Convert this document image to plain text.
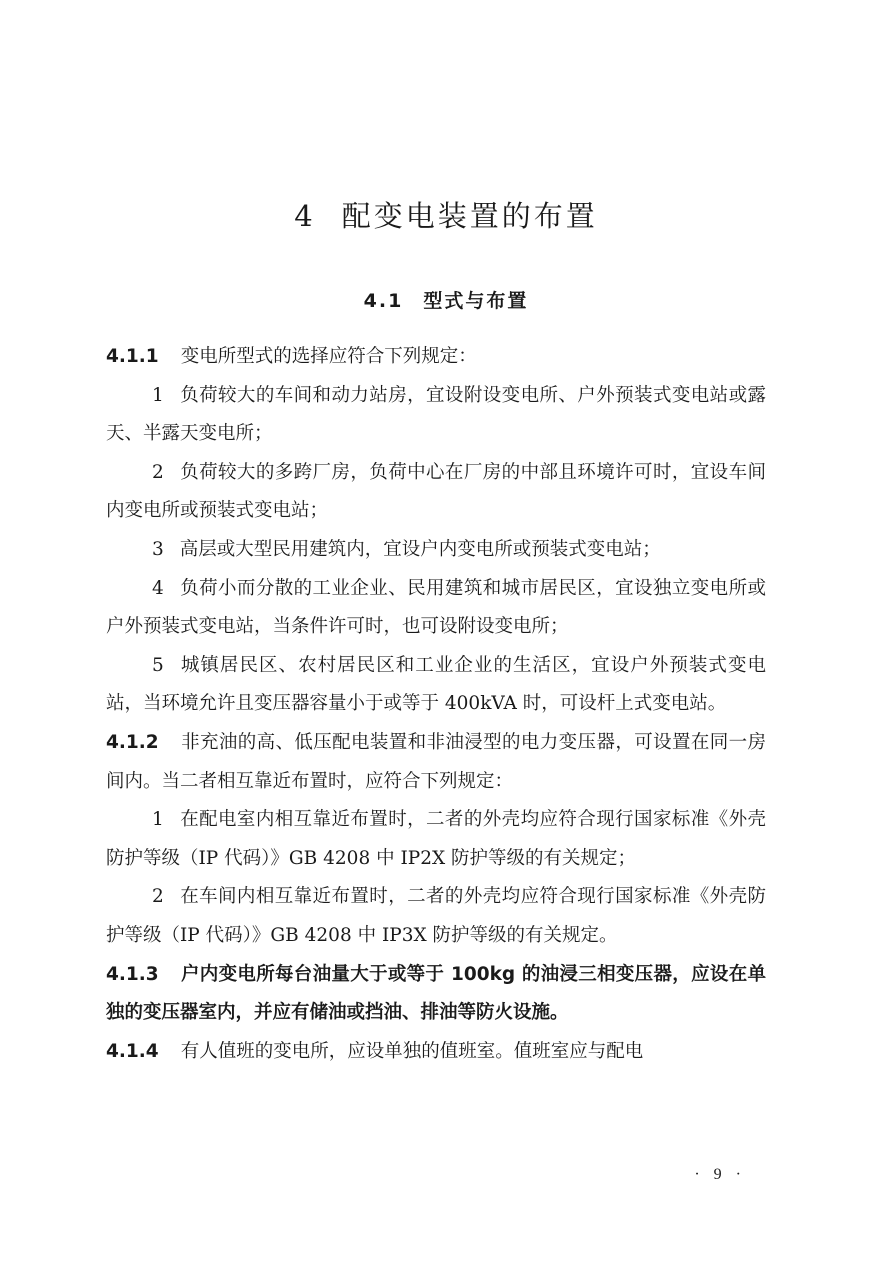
4 配变电装置的布置
4.1 型式与布置

4.1.1 变电所型式的选择应符合下列规定：

1 负荷较大的车间和动力站房，宜设附设变电所、户外预装式变电站或露天、半露天变电所；

2 负荷较大的多跨厂房，负荷中心在厂房的中部且环境许可时，宜设车间内变电所或预装式变电站；

3 高层或大型民用建筑内，宜设户内变电所或预装式变电站；

4 负荷小而分散的工业企业、民用建筑和城市居民区，宜设独立变电所或户外预装式变电站，当条件许可时，也可设附设变电所；

5 城镇居民区、农村居民区和工业企业的生活区，宜设户外预装式变电站，当环境允许且变压器容量小于或等于 400kVA 时，可设杆上式变电站。

4.1.2 非充油的高、低压配电装置和非油浸型的电力变压器，可设置在同一房间内。当二者相互靠近布置时，应符合下列规定：

1 在配电室内相互靠近布置时，二者的外壳均应符合现行国家标准《外壳防护等级（IP 代码）》GB 4208 中 IP2X 防护等级的有关规定；

2 在车间内相互靠近布置时，二者的外壳均应符合现行国家标准《外壳防护等级（IP 代码）》GB 4208 中 IP3X 防护等级的有关规定。

4.1.3 户内变电所每台油量大于或等于 100kg 的油浸三相变压器，应设在单独的变压器室内，并应有储油或挡油、排油等防火设施。

4.1.4 有人值班的变电所，应设单独的值班室。值班室应与配电

· 9 ·
